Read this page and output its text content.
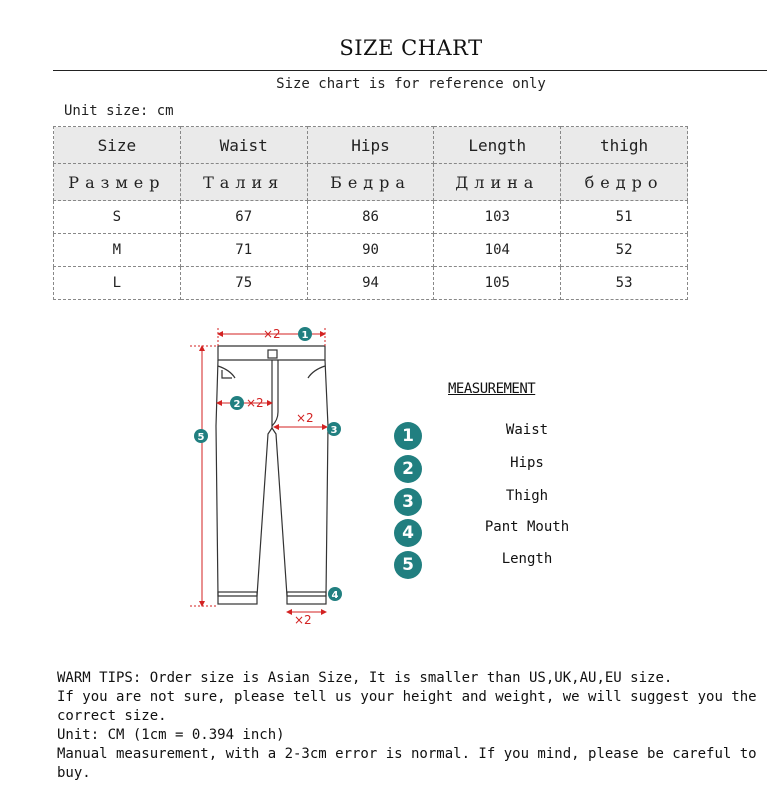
SIZE CHART
Size chart is for reference only
Unit size: cm
Size	Waist	Hips	Length	thigh
Размер	Талия	Бедра	Длина	бедро
S	67	86	103	51
M	71	90	104	52
L	75	94	105	53
×2 1
2 ×2
×2
3
5
×2
4
MEASUREMENT
1	Waist
2	Hips
3	Thigh
4	Pant Mouth
5	Length

WARM TIPS: Order size is Asian Size, It is smaller than US,UK,AU,EU size.

If you are not sure, please tell us your height and weight, we will suggest you the correct size.

Unit: CM (1cm = 0.394 inch)

Manual measurement, with a 2-3cm error is normal. If you mind, please be careful to buy.
